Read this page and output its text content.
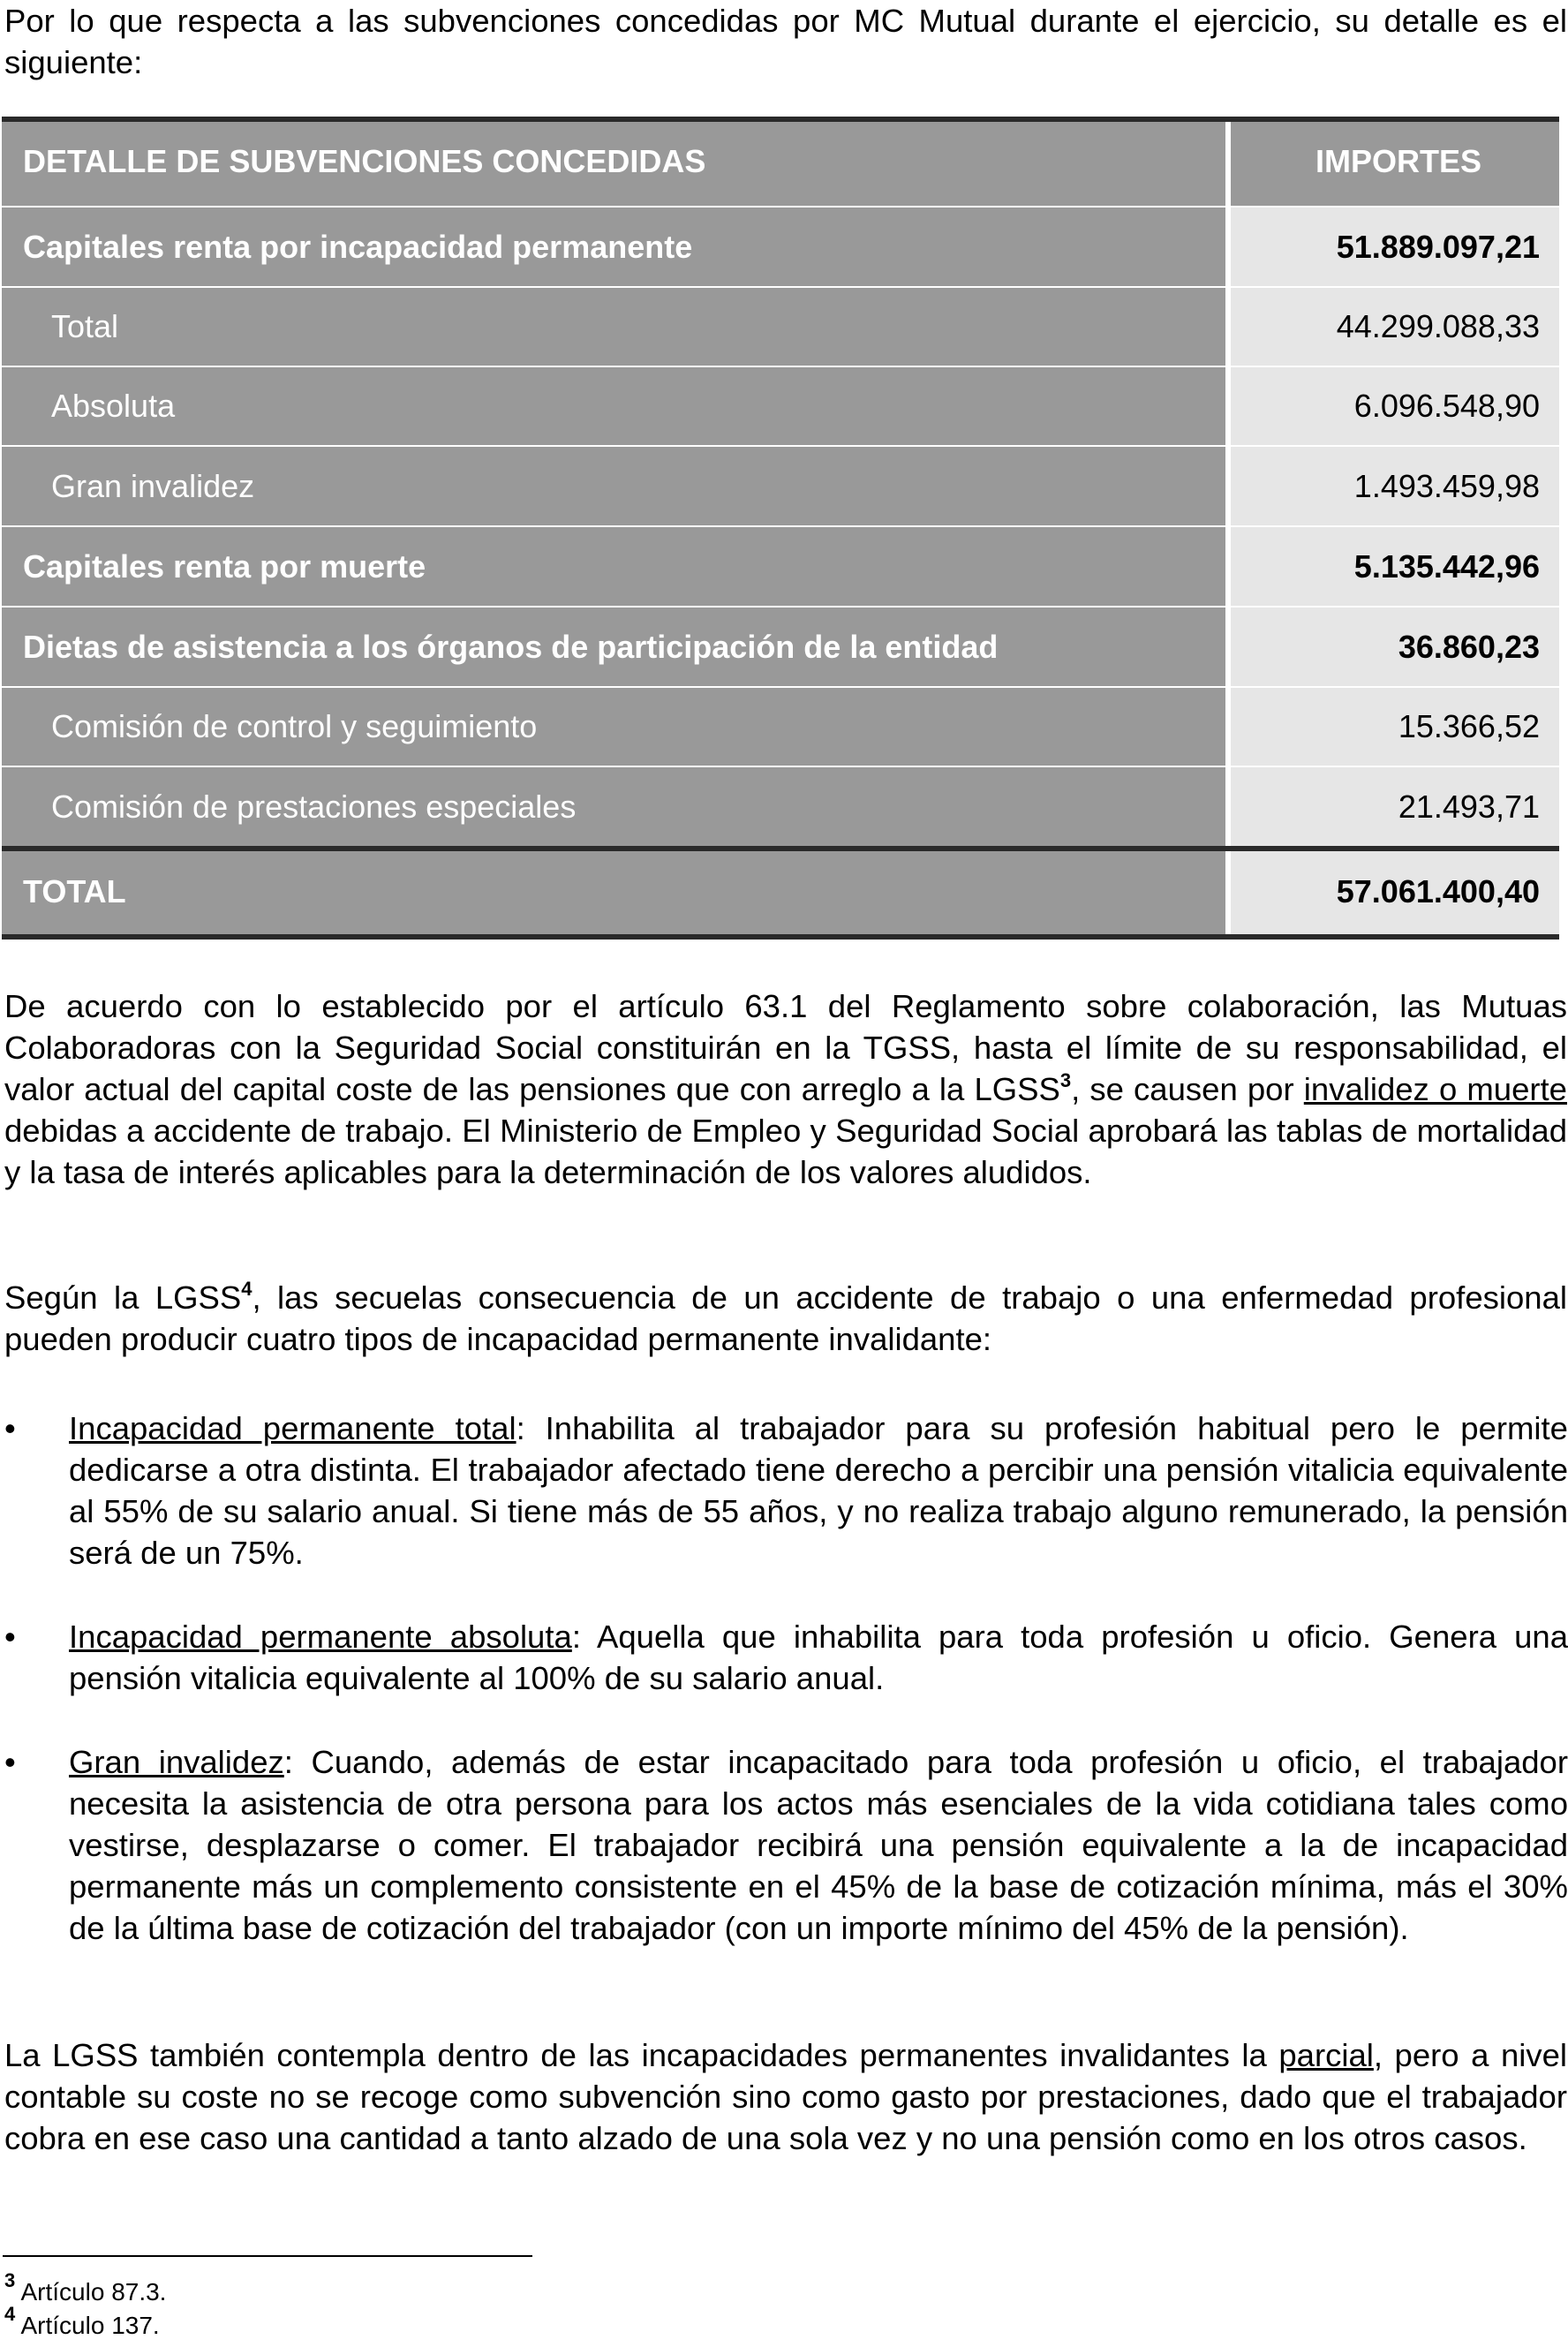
Por lo que respecta a las subvenciones concedidas por MC Mutual durante el ejercicio, su detalle es el siguiente:

DETALLE DE SUBVENCIONES CONCEDIDAS	IMPORTES
Capitales renta por incapacidad permanente	51.889.097,21
Total	44.299.088,33
Absoluta	6.096.548,90
Gran invalidez	1.493.459,98
Capitales renta por muerte	5.135.442,96
Dietas de asistencia a los órganos de participación de la entidad	36.860,23
Comisión de control y seguimiento	15.366,52
Comisión de prestaciones especiales	21.493,71
TOTAL	57.061.400,40

De acuerdo con lo establecido por el artículo 63.1 del Reglamento sobre colaboración, las Mutuas Colaboradoras con la Seguridad Social constituirán en la TGSS, hasta el límite de su responsabilidad, el valor actual del capital coste de las pensiones que con arreglo a la LGSS$^3$, se causen por invalidez o muerte debidas a accidente de trabajo. El Ministerio de Empleo y Seguridad Social aprobará las tablas de mortalidad y la tasa de interés aplicables para la determinación de los valores aludidos.

Según la LGSS$^4$, las secuelas consecuencia de un accidente de trabajo o una enfermedad profesional pueden producir cuatro tipos de incapacidad permanente invalidante:

• Incapacidad permanente total: Inhabilita al trabajador para su profesión habitual pero le permite dedicarse a otra distinta. El trabajador afectado tiene derecho a percibir una pensión vitalicia equivalente al 55% de su salario anual. Si tiene más de 55 años, y no realiza trabajo alguno remunerado, la pensión será de un 75%.

• Incapacidad permanente absoluta: Aquella que inhabilita para toda profesión u oficio. Genera una pensión vitalicia equivalente al 100% de su salario anual.

• Gran invalidez: Cuando, además de estar incapacitado para toda profesión u oficio, el trabajador necesita la asistencia de otra persona para los actos más esenciales de la vida cotidiana tales como vestirse, desplazarse o comer. El trabajador recibirá una pensión equivalente a la de incapacidad permanente más un complemento consistente en el 45% de la base de cotización mínima, más el 30% de la última base de cotización del trabajador (con un importe mínimo del 45% de la pensión).

La LGSS también contempla dentro de las incapacidades permanentes invalidantes la parcial, pero a nivel contable su coste no se recoge como subvención sino como gasto por prestaciones, dado que el trabajador cobra en ese caso una cantidad a tanto alzado de una sola vez y no una pensión como en los otros casos.

$^3$ Artículo 87.3.
$^4$ Artículo 137.
